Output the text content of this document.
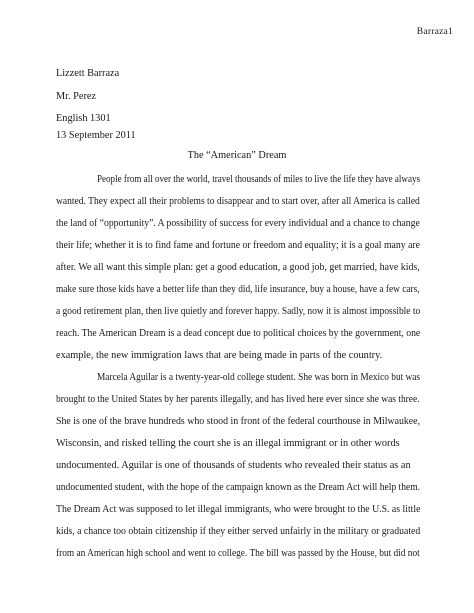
Barraza1
Lizzett Barraza
Mr. Perez
English 1301
13 September 2011
The “American” Dream
People from all over the world, travel thousands of miles to live the life they have always
wanted. They expect all their problems to disappear and to start over, after all America is called
the land of “opportunity”. A possibility of success for every individual and a chance to change
their life; whether it is to find fame and fortune or freedom and equality; it is a goal many are
after. We all want this simple plan: get a good education, a good job, get married, have kids,
make sure those kids have a better life than they did, life insurance, buy a house, have a few cars,
a good retirement plan, then live quietly and forever happy. Sadly, now it is almost impossible to
reach. The American Dream is a dead concept due to political choices by the government, one
example, the new immigration laws that are being made in parts of the country.
Marcela Aguilar is a twenty-year-old college student. She was born in Mexico but was
brought to the United States by her parents illegally, and has lived here ever since she was three.
She is one of the brave hundreds who stood in front of the federal courthouse in Milwaukee,
Wisconsin, and risked telling the court she is an illegal immigrant or in other words
undocumented. Aguilar is one of thousands of students who revealed their status as an
undocumented student, with the hope of the campaign known as the Dream Act will help them.
The Dream Act was supposed to let illegal immigrants, who were brought to the U.S. as little
kids, a chance too obtain citizenship if they either served unfairly in the military or graduated
from an American high school and went to college. The bill was passed by the House, but did not
